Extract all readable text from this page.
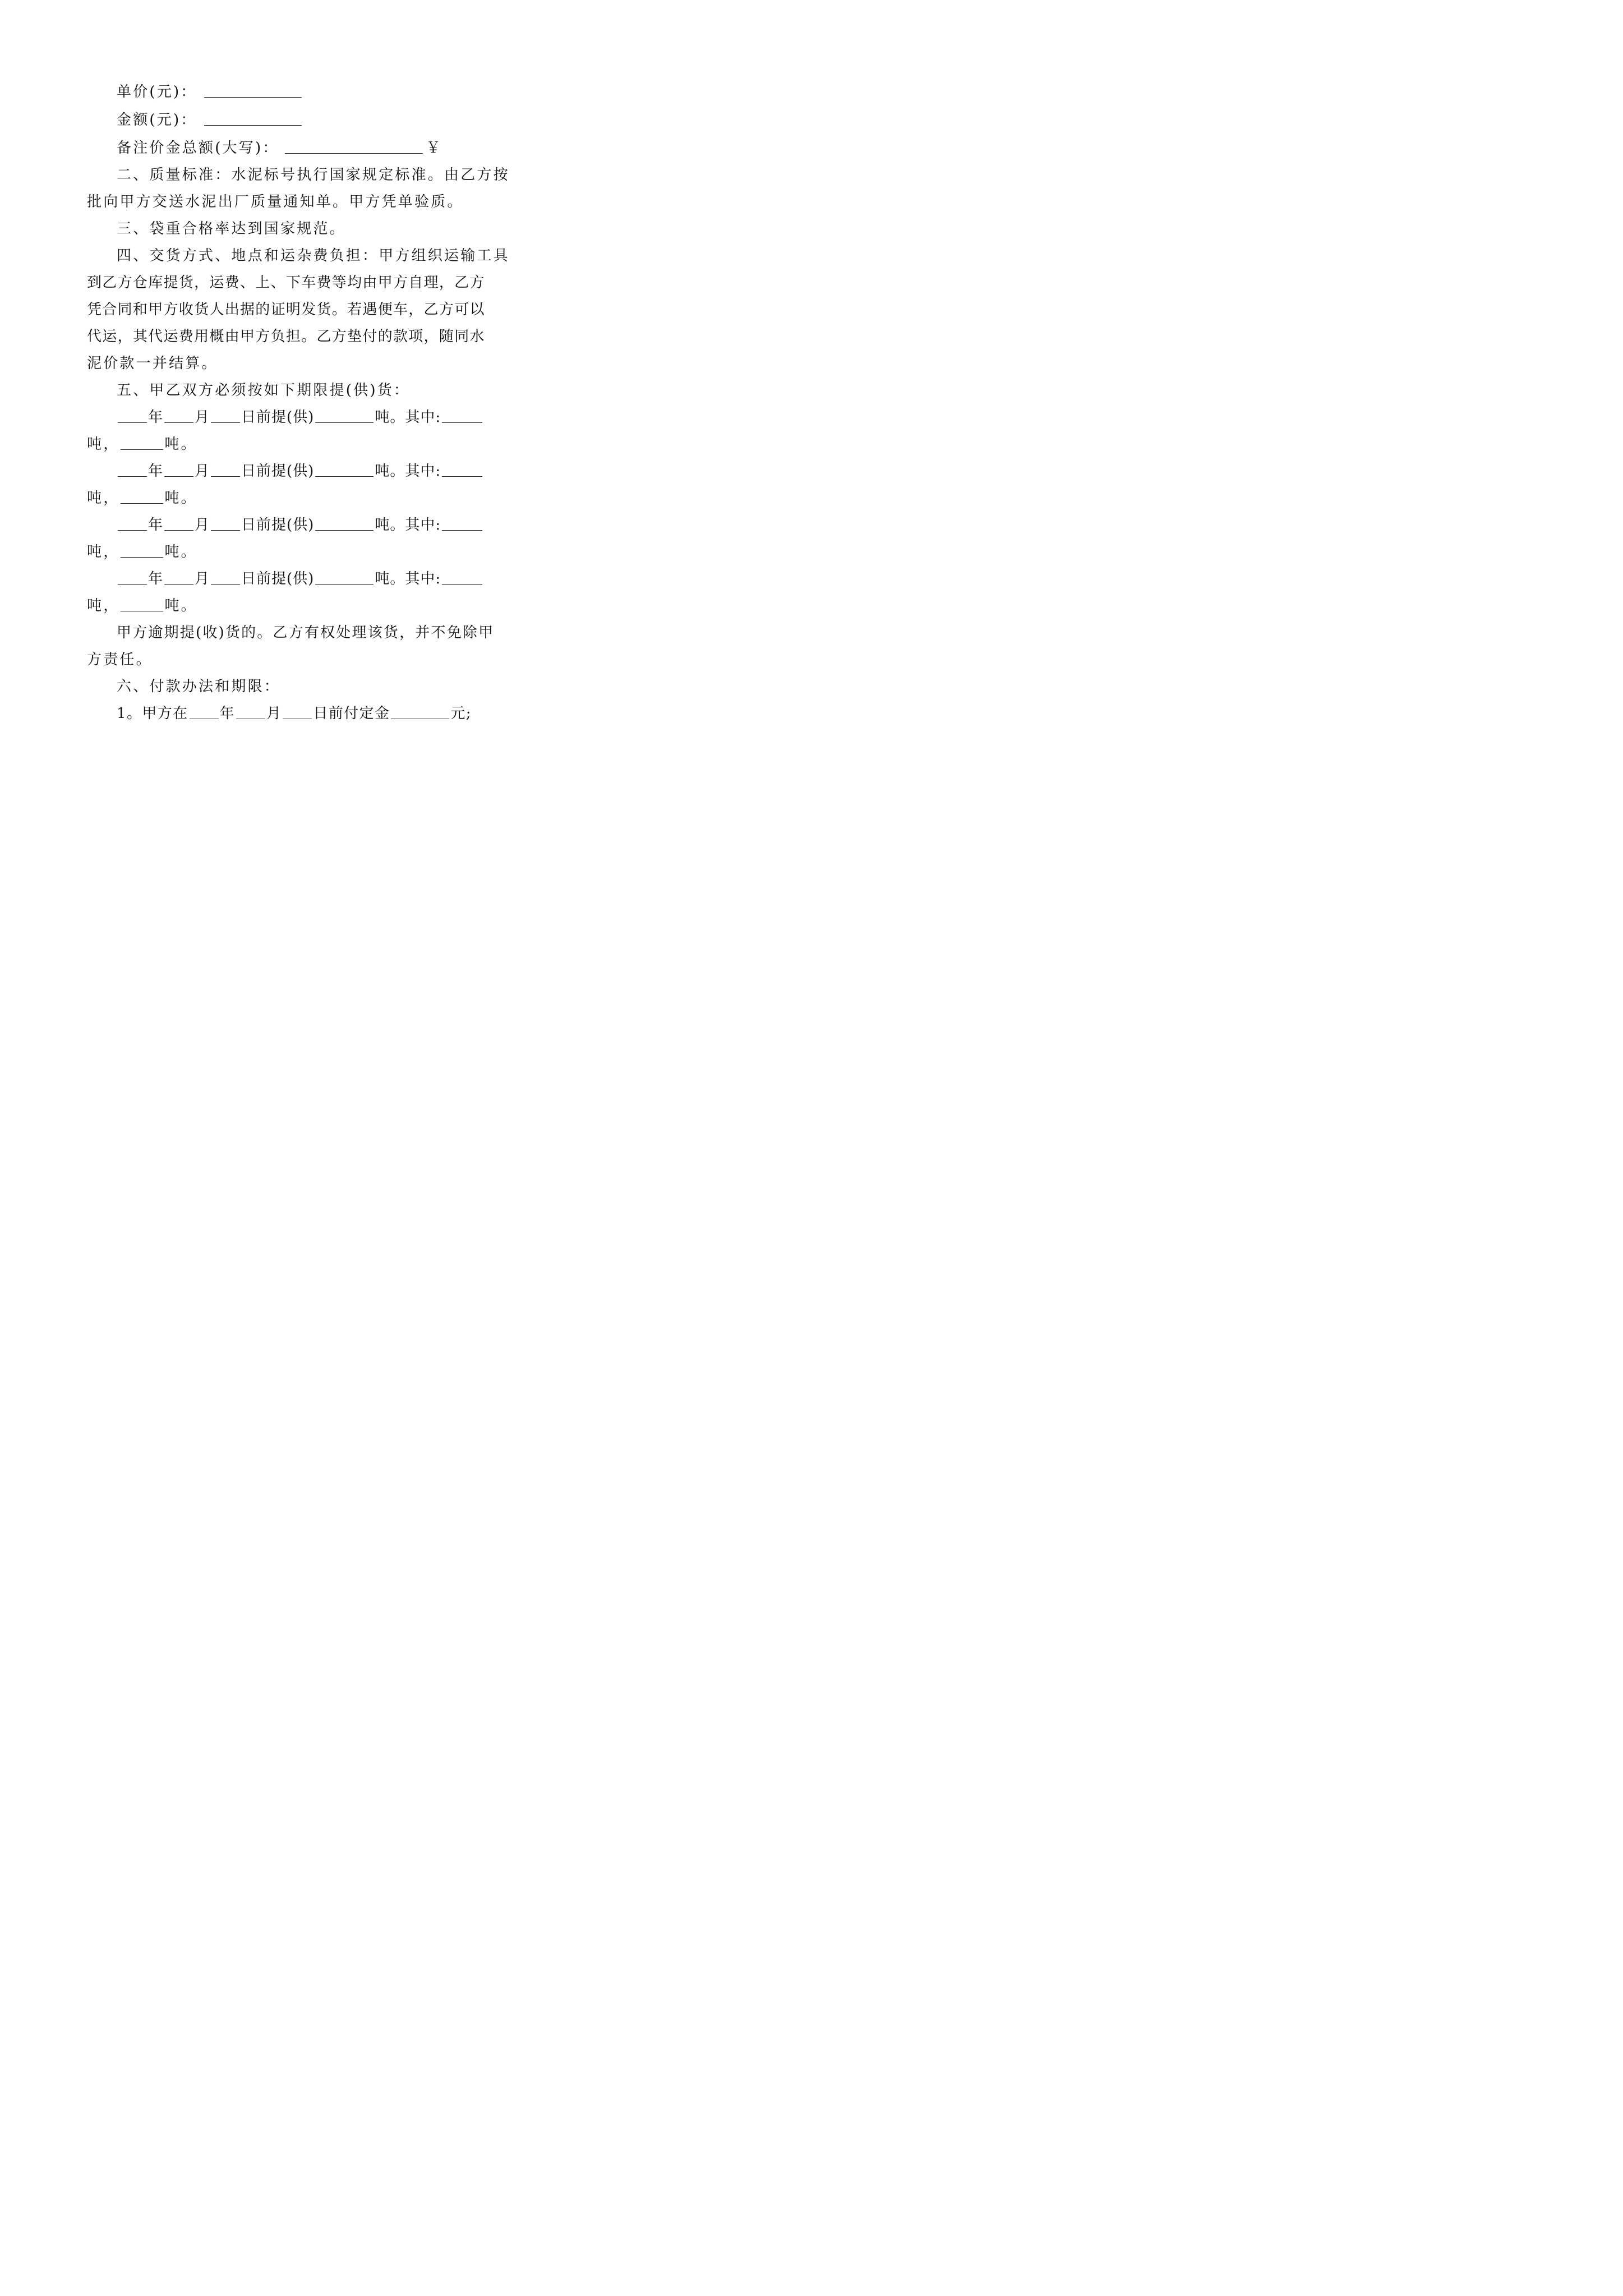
单价(元)：
金额(元)：
备注价金总额(大写)：	￥
二、质量标准：水泥标号执行国家规定标准。由乙方按
批向甲方交送水泥出厂质量通知单。甲方凭单验质。
三、袋重合格率达到国家规范。
四、交货方式、地点和运杂费负担：甲方组织运输工具
到乙方仓库提货，运费、上、下车费等均由甲方自理，乙方
凭合同和甲方收货人出据的证明发货。若遇便车，乙方可以
代运，其代运费用概由甲方负担。乙方垫付的款项，随同水
泥价款一并结算。
五、甲乙双方必须按如下期限提(供)货：
年 月 日前提(供)	吨。其中:
吨，	吨。
年 月 日前提(供)	吨。其中:
吨，	吨。
年 月 日前提(供)	吨。其中:
吨，	吨。
年 月 日前提(供)	吨。其中:
吨，	吨。
甲方逾期提(收)货的。乙方有权处理该货，并不免除甲
方责任。
六、付款办法和期限：
1。甲方在 年 月 日前付定金	元;
